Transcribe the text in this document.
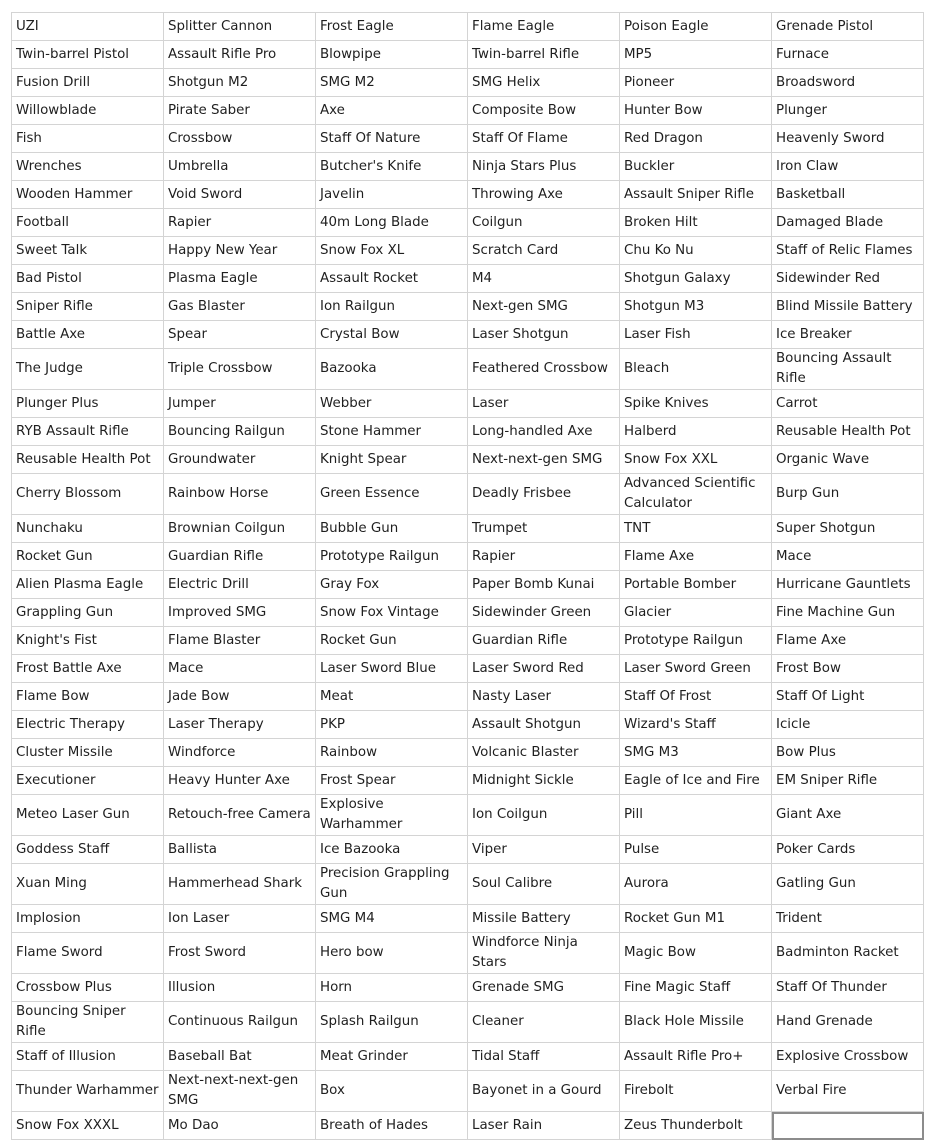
UZI	Splitter Cannon	Frost Eagle	Flame Eagle	Poison Eagle	Grenade Pistol
Twin-barrel Pistol	Assault Rifle Pro	Blowpipe	Twin-barrel Rifle	MP5	Furnace
Fusion Drill	Shotgun M2	SMG M2	SMG Helix	Pioneer	Broadsword
Willowblade	Pirate Saber	Axe	Composite Bow	Hunter Bow	Plunger
Fish	Crossbow	Staff Of Nature	Staff Of Flame	Red Dragon	Heavenly Sword
Wrenches	Umbrella	Butcher's Knife	Ninja Stars Plus	Buckler	Iron Claw
Wooden Hammer	Void Sword	Javelin	Throwing Axe	Assault Sniper Rifle	Basketball
Football	Rapier	40m Long Blade	Coilgun	Broken Hilt	Damaged Blade
Sweet Talk	Happy New Year	Snow Fox XL	Scratch Card	Chu Ko Nu	Staff of Relic Flames
Bad Pistol	Plasma Eagle	Assault Rocket	M4	Shotgun Galaxy	Sidewinder Red
Sniper Rifle	Gas Blaster	Ion Railgun	Next-gen SMG	Shotgun M3	Blind Missile Battery
Battle Axe	Spear	Crystal Bow	Laser Shotgun	Laser Fish	Ice Breaker
The Judge	Triple Crossbow	Bazooka	Feathered Crossbow	Bleach	Bouncing Assault Rifle
Plunger Plus	Jumper	Webber	Laser	Spike Knives	Carrot
RYB Assault Rifle	Bouncing Railgun	Stone Hammer	Long-handled Axe	Halberd	Reusable Health Pot
Reusable Health Pot	Groundwater	Knight Spear	Next-next-gen SMG	Snow Fox XXL	Organic Wave
Cherry Blossom	Rainbow Horse	Green Essence	Deadly Frisbee	Advanced Scientific Calculator	Burp Gun
Nunchaku	Brownian Coilgun	Bubble Gun	Trumpet	TNT	Super Shotgun
Rocket Gun	Guardian Rifle	Prototype Railgun	Rapier	Flame Axe	Mace
Alien Plasma Eagle	Electric Drill	Gray Fox	Paper Bomb Kunai	Portable Bomber	Hurricane Gauntlets
Grappling Gun	Improved SMG	Snow Fox Vintage	Sidewinder Green	Glacier	Fine Machine Gun
Knight's Fist	Flame Blaster	Rocket Gun	Guardian Rifle	Prototype Railgun	Flame Axe
Frost Battle Axe	Mace	Laser Sword Blue	Laser Sword Red	Laser Sword Green	Frost Bow
Flame Bow	Jade Bow	Meat	Nasty Laser	Staff Of Frost	Staff Of Light
Electric Therapy	Laser Therapy	PKP	Assault Shotgun	Wizard's Staff	Icicle
Cluster Missile	Windforce	Rainbow	Volcanic Blaster	SMG M3	Bow Plus
Executioner	Heavy Hunter Axe	Frost Spear	Midnight Sickle	Eagle of Ice and Fire	EM Sniper Rifle
Meteo Laser Gun	Retouch-free Camera	Explosive Warhammer	Ion Coilgun	Pill	Giant Axe
Goddess Staff	Ballista	Ice Bazooka	Viper	Pulse	Poker Cards
Xuan Ming	Hammerhead Shark	Precision Grappling Gun	Soul Calibre	Aurora	Gatling Gun
Implosion	Ion Laser	SMG M4	Missile Battery	Rocket Gun M1	Trident
Flame Sword	Frost Sword	Hero bow	Windforce Ninja Stars	Magic Bow	Badminton Racket
Crossbow Plus	Illusion	Horn	Grenade SMG	Fine Magic Staff	Staff Of Thunder
Bouncing Sniper Rifle	Continuous Railgun	Splash Railgun	Cleaner	Black Hole Missile	Hand Grenade
Staff of Illusion	Baseball Bat	Meat Grinder	Tidal Staff	Assault Rifle Pro+	Explosive Crossbow
Thunder Warhammer	Next-next-next-gen SMG	Box	Bayonet in a Gourd	Firebolt	Verbal Fire
Snow Fox XXXL	Mo Dao	Breath of Hades	Laser Rain	Zeus Thunderbolt	
